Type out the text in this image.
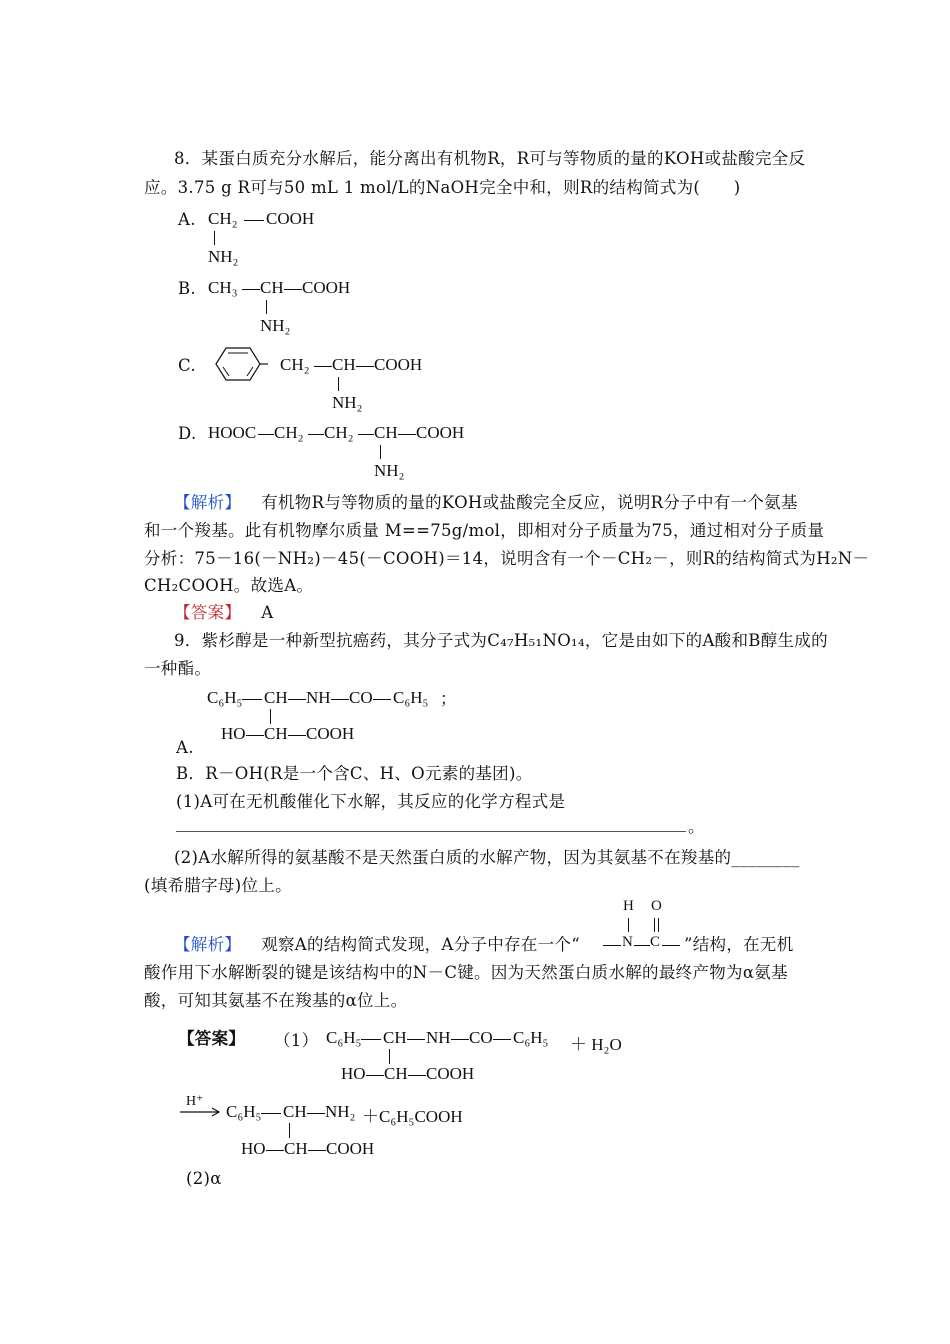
8．某蛋白质充分水解后，能分离出有机物R，R可与等物质的量的KOH或盐酸完全反
应。3.75 g R可与50 mL 1 mol/L的NaOH完全中和，则R的结构简式为(　　)
A. CH₂ COOH
NH₂
B. CH₃ CH COOH
NH₂
C.	CH₂ CH COOH
NH₂
D. HOOC CH₂ CH₂ CH COOH
NH₂
【解析】 有机物R与等物质的量的KOH或盐酸完全反应，说明R分子中有一个氨基
和一个羧基。此有机物摩尔质量 M==75g/mol，即相对分子质量为75，通过相对分子质量
分析：75－16(－NH₂)－45(－COOH)＝14，说明含有一个－CH₂－，则R的结构简式为H₂N－
CH₂COOH。故选A。
【答案】 A
9．紫杉醇是一种新型抗癌药，其分子式为C₄₇H₅₁NO₁₄，它是由如下的A酸和B醇生成的
一种酯。
C₆H₅ CH NH CO C₆H₅ ；
HO CH COOH
A.
B．R－OH(R是一个含C、H、O元素的基团)。
(1)A可在无机酸催化下水解，其反应的化学方程式是
。
(2)A水解所得的氨基酸不是天然蛋白质的水解产物，因为其氨基不在羧基的________
(填希腊字母)位上。
H O
【解析】 观察A的结构简式发现，A分子中存在一个“	N C ”结构，在无机
酸作用下水解断裂的键是该结构中的N－C键。因为天然蛋白质水解的最终产物为α氨基
酸，可知其氨基不在羧基的α位上。
【答案】 （1） C₆H₅ CH NH CO C₆H₅ ＋ H₂O
HO CH COOH
H⁺
→ C₆H₅ CH NH₂ ＋C₆H₅COOH
HO CH COOH
(2)α
